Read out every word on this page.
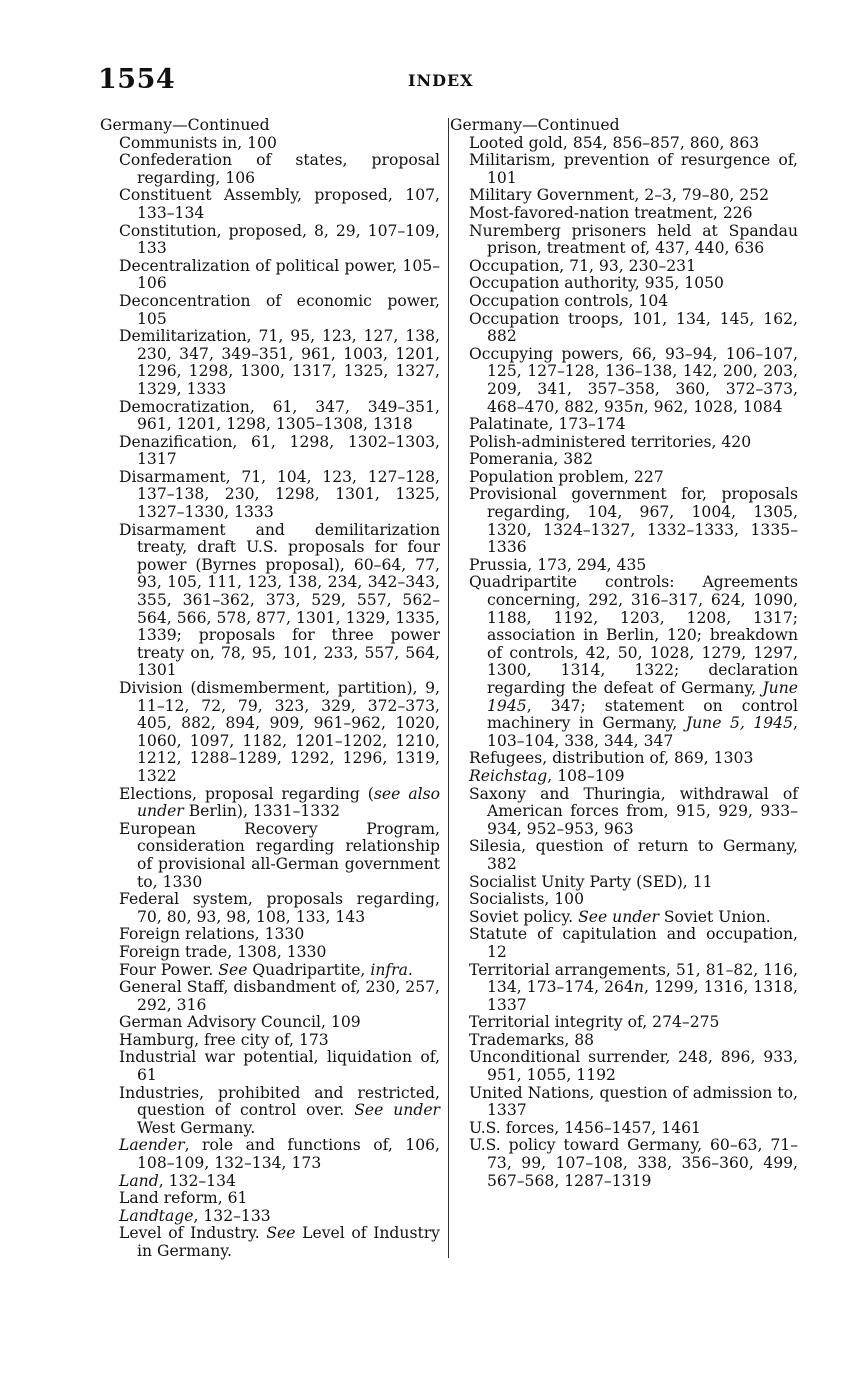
1554	INDEX
Germany—Continued

Communists in, 100

Confederation of states, proposal regarding, 106

Constituent Assembly, proposed, 107, 133–134

Constitution, proposed, 8, 29, 107–109, 133

Decentralization of political power, 105–106

Deconcentration of economic power, 105

Demilitarization, 71, 95, 123, 127, 138, 230, 347, 349–351, 961, 1003, 1201, 1296, 1298, 1300, 1317, 1325, 1327, 1329, 1333

Democratization, 61, 347, 349–351, 961, 1201, 1298, 1305–1308, 1318

Denazification, 61, 1298, 1302–1303, 1317

Disarmament, 71, 104, 123, 127–128, 137–138, 230, 1298, 1301, 1325, 1327–1330, 1333

Disarmament and demilitarization treaty, draft U.S. proposals for four power (Byrnes proposal), 60–64, 77, 93, 105, 111, 123, 138, 234, 342–343, 355, 361–362, 373, 529, 557, 562–564, 566, 578, 877, 1301, 1329, 1335, 1339; proposals for three power treaty on, 78, 95, 101, 233, 557, 564, 1301

Division (dismemberment, partition), 9, 11–12, 72, 79, 323, 329, 372–373, 405, 882, 894, 909, 961–962, 1020, 1060, 1097, 1182, 1201–1202, 1210, 1212, 1288–1289, 1292, 1296, 1319, 1322

Elections, proposal regarding (see also under Berlin), 1331–1332

European Recovery Program, consideration regarding relationship of provisional all-German government to, 1330

Federal system, proposals regarding, 70, 80, 93, 98, 108, 133, 143

Foreign relations, 1330

Foreign trade, 1308, 1330

Four Power. See Quadripartite, infra.

General Staff, disbandment of, 230, 257, 292, 316

German Advisory Council, 109

Hamburg, free city of, 173

Industrial war potential, liquidation of, 61

Industries, prohibited and restricted, question of control over. See under West Germany.

Laender, role and functions of, 106, 108–109, 132–134, 173

Land, 132–134

Land reform, 61

Landtage, 132–133

Level of Industry. See Level of Industry in Germany.

Germany—Continued

Looted gold, 854, 856–857, 860, 863

Militarism, prevention of resurgence of, 101

Military Government, 2–3, 79–80, 252

Most-favored-nation treatment, 226

Nuremberg prisoners held at Spandau prison, treatment of, 437, 440, 636

Occupation, 71, 93, 230–231

Occupation authority, 935, 1050

Occupation controls, 104

Occupation troops, 101, 134, 145, 162, 882

Occupying powers, 66, 93–94, 106–107, 125, 127–128, 136–138, 142, 200, 203, 209, 341, 357–358, 360, 372–373, 468–470, 882, 935n, 962, 1028, 1084

Palatinate, 173–174

Polish-administered territories, 420

Pomerania, 382

Population problem, 227

Provisional government for, proposals regarding, 104, 967, 1004, 1305, 1320, 1324–1327, 1332–1333, 1335–1336

Prussia, 173, 294, 435

Quadripartite controls: Agreements concerning, 292, 316–317, 624, 1090, 1188, 1192, 1203, 1208, 1317; association in Berlin, 120; breakdown of controls, 42, 50, 1028, 1279, 1297, 1300, 1314, 1322; declaration regarding the defeat of Germany, June 1945, 347; statement on control machinery in Germany, June 5, 1945, 103–104, 338, 344, 347

Refugees, distribution of, 869, 1303

Reichstag, 108–109

Saxony and Thuringia, withdrawal of American forces from, 915, 929, 933–934, 952–953, 963

Silesia, question of return to Germany, 382

Socialist Unity Party (SED), 11

Socialists, 100

Soviet policy. See under Soviet Union.

Statute of capitulation and occupation, 12

Territorial arrangements, 51, 81–82, 116, 134, 173–174, 264n, 1299, 1316, 1318, 1337

Territorial integrity of, 274–275

Trademarks, 88

Unconditional surrender, 248, 896, 933, 951, 1055, 1192

United Nations, question of admission to, 1337

U.S. forces, 1456–1457, 1461

U.S. policy toward Germany, 60–63, 71–73, 99, 107–108, 338, 356–360, 499, 567–568, 1287–1319
